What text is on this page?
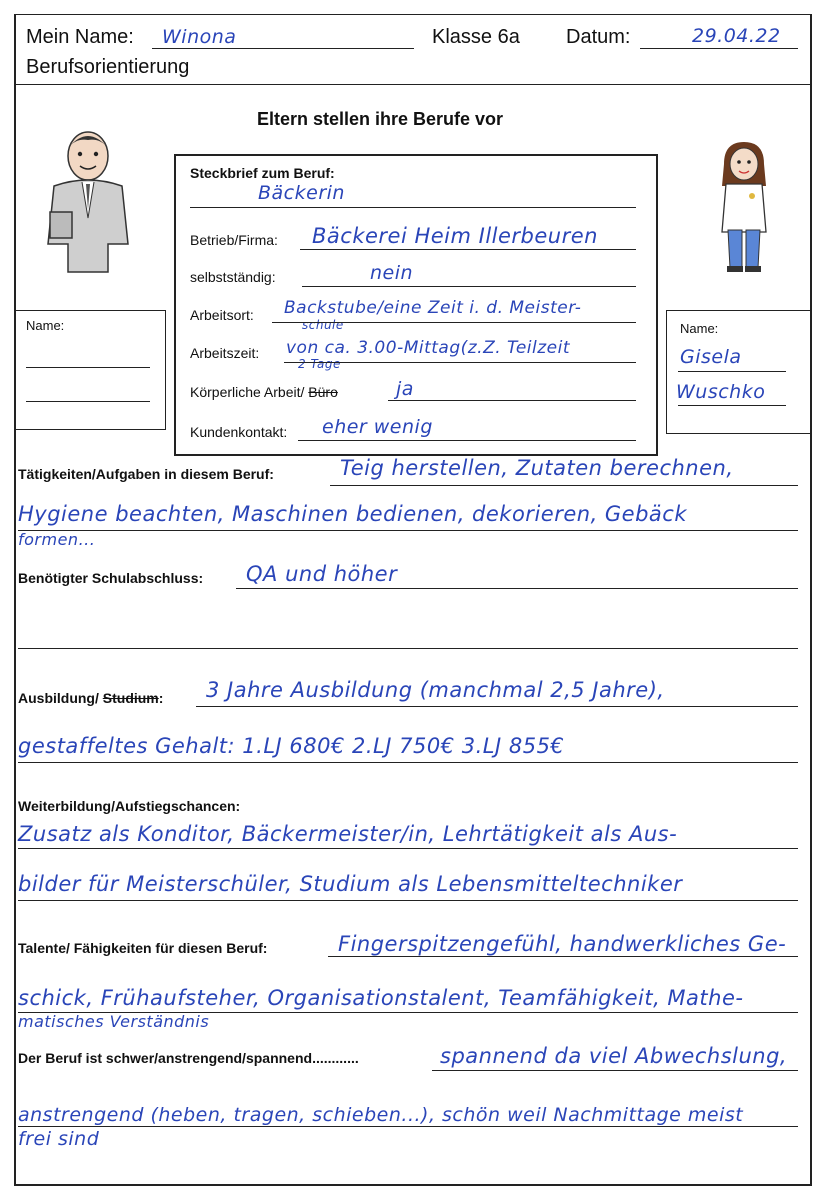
Mein Name: Winona	Klasse 6a Datum:	29.04.22
Berufsorientierung
Eltern stellen ihre Berufe vor
Name:	Name:
Gisela
Wuschko
Steckbrief zum Beruf:
Bäckerin
Betrieb/Firma: Bäckerei Heim Illerbeuren
selbstständig:	nein
Arbeitsort: Backstube/eine Zeit i. d. Meister-
schule
Arbeitszeit: von ca. 3.00-Mittag(z.Z. Teilzeit
2 Tage
Körperliche Arbeit/ Büro	ja
Kundenkontakt: eher wenig
Tätigkeiten/Aufgaben in diesem Beruf:	Teig herstellen, Zutaten berechnen,
Hygiene beachten, Maschinen bedienen, dekorieren, Gebäck
formen...
Benötigter Schulabschluss: QA und höher
Ausbildung/ Studium: 3 Jahre Ausbildung (manchmal 2,5 Jahre),
gestaffeltes Gehalt: 1.LJ 680€ 2.LJ 750€ 3.LJ 855€
Weiterbildung/Aufstiegschancen:
Zusatz als Konditor, Bäckermeister/in, Lehrtätigkeit als Aus-
bilder für Meisterschüler, Studium als Lebensmitteltechniker
Talente/ Fähigkeiten für diesen Beruf:	Fingerspitzengefühl, handwerkliches Ge-
schick, Frühaufsteher, Organisationstalent, Teamfähigkeit, Mathe-
matisches Verständnis
Der Beruf ist schwer/anstrengend/spannend............	spannend da viel Abwechslung,
anstrengend (heben, tragen, schieben...), schön weil Nachmittage meist
frei sind
